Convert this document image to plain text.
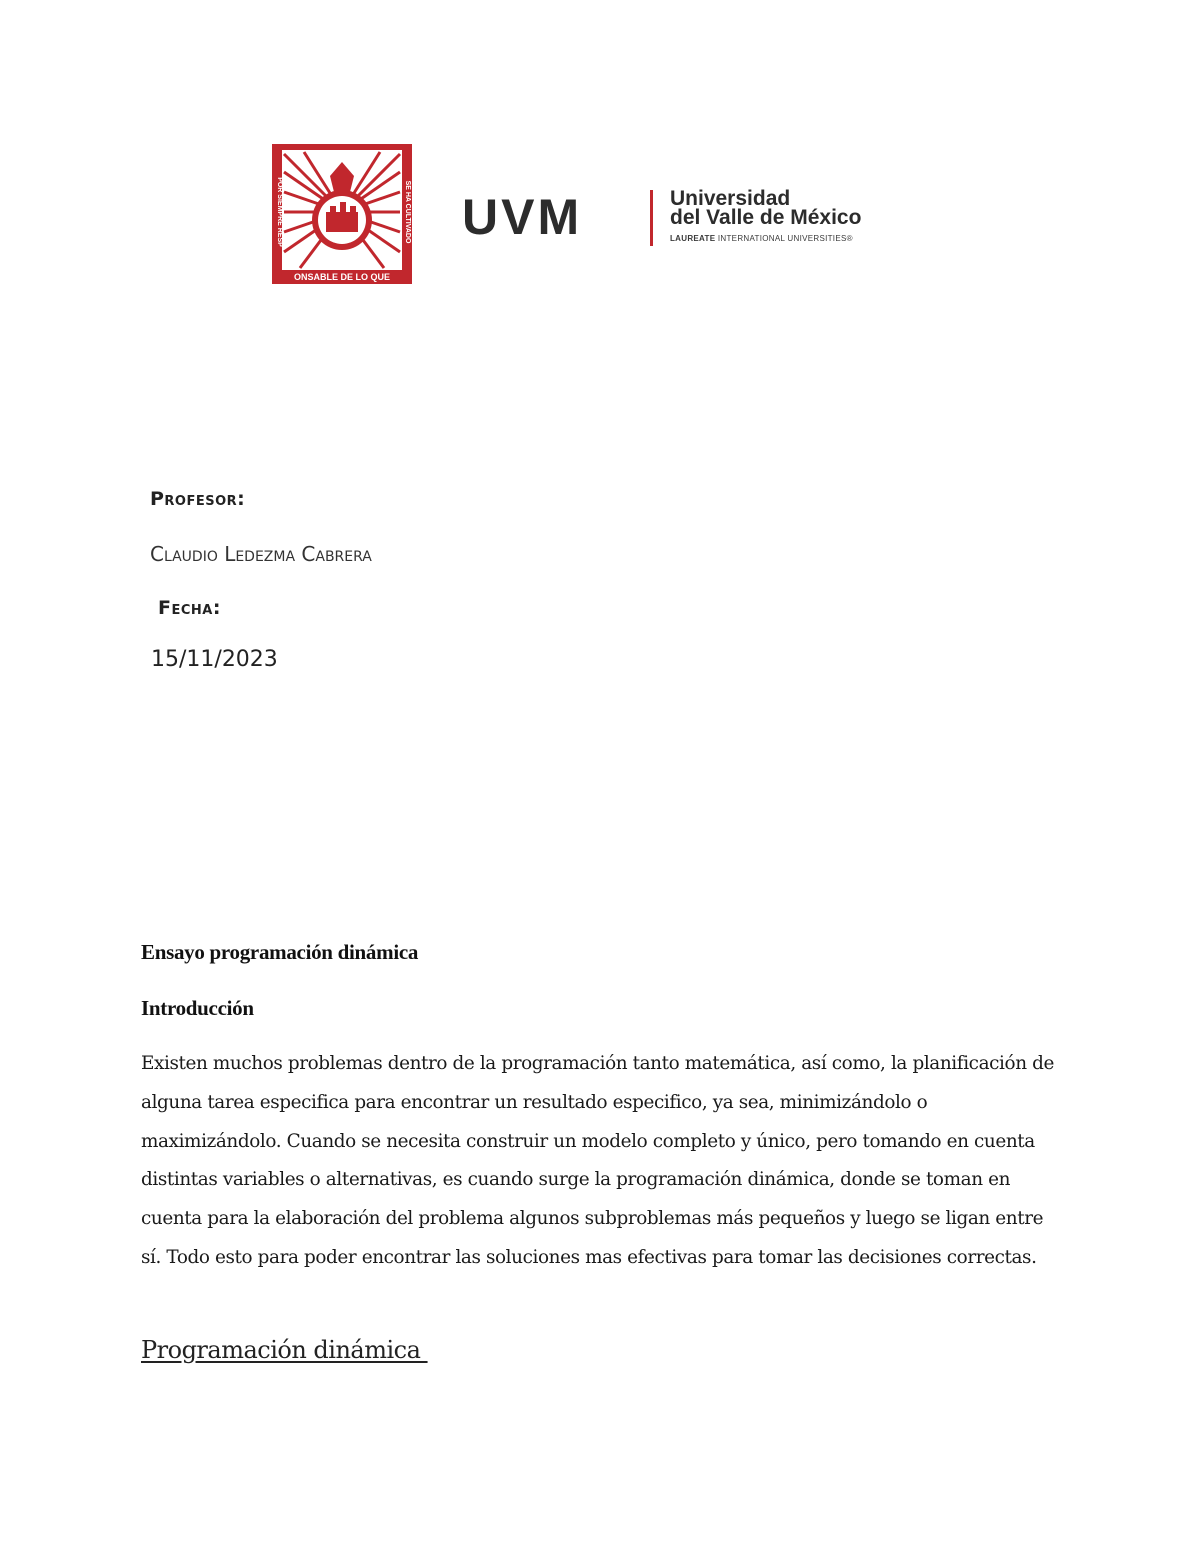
ONSABLE DE LO QUE
POR SIEMPRE RESP	SE HA CULTIVADO UVM	Universidad
del Valle de México
LAUREATE INTERNATIONAL UNIVERSITIES®
Profesor:
Claudio Ledezma Cabrera
Fecha:
15/11/2023
Ensayo programación dinámica
Introducción

Existen muchos problemas dentro de la programación tanto matemática, así como, la planificación de alguna tarea especifica para encontrar un resultado especifico, ya sea, minimizándolo o maximizándolo. Cuando se necesita construir un modelo completo y único, pero tomando en cuenta distintas variables o alternativas, es cuando surge la programación dinámica, donde se toman en cuenta para la elaboración del problema algunos subproblemas más pequeños y luego se ligan entre sí. Todo esto para poder encontrar las soluciones mas efectivas para tomar las decisiones correctas.

Programación dinámica
